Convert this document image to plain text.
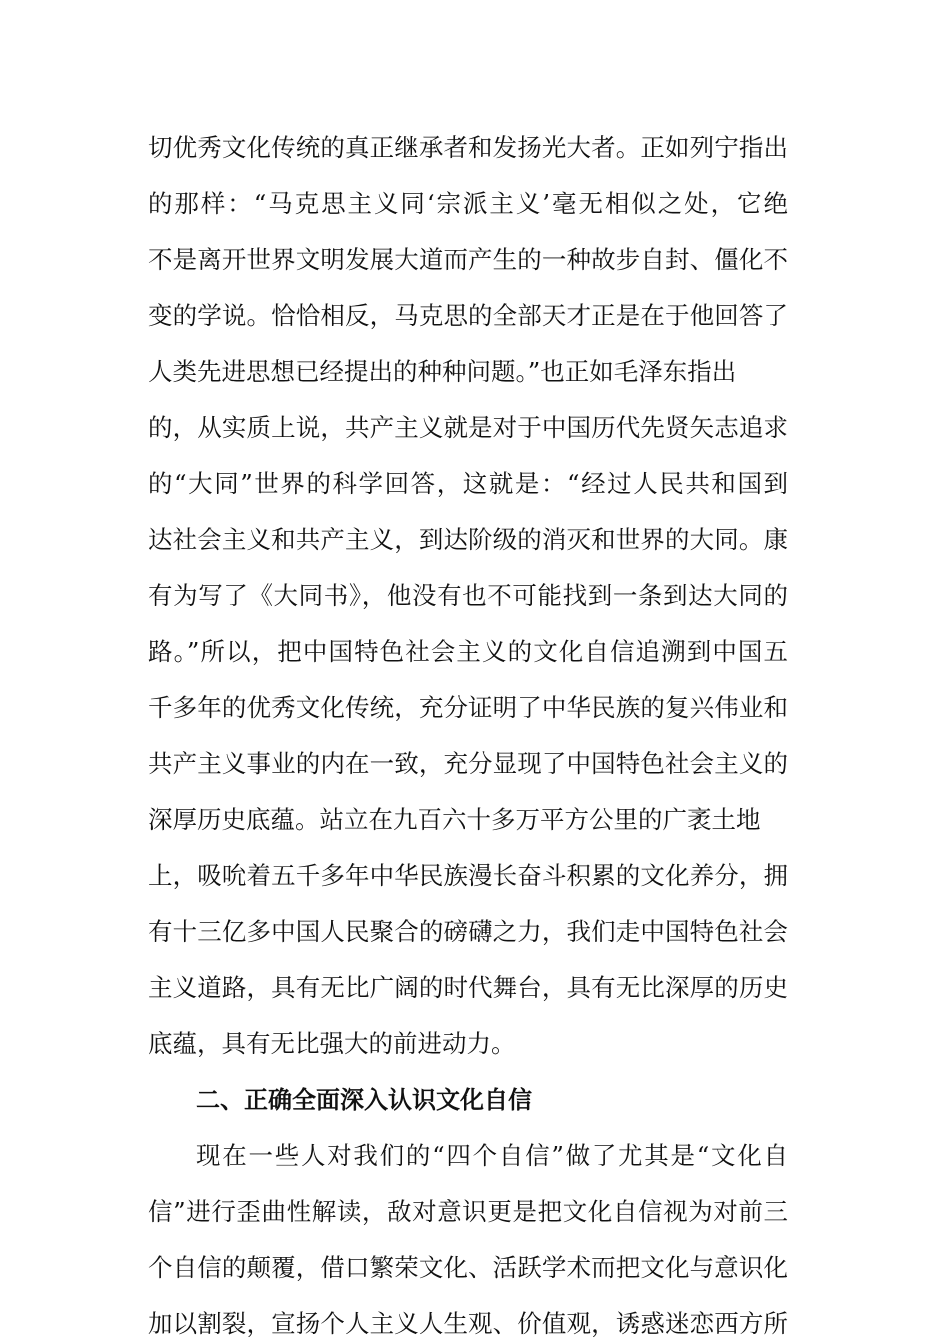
切优秀文化传统的真正继承者和发扬光大者。正如列宁指出
的那样：“马克思主义同‘宗派主义’毫无相似之处，它绝
不是离开世界文明发展大道而产生的一种故步自封、僵化不
变的学说。恰恰相反，马克思的全部天才正是在于他回答了
人类先进思想已经提出的种种问题。”也正如毛泽东指出
的，从实质上说，共产主义就是对于中国历代先贤矢志追求
的“大同”世界的科学回答，这就是：“经过人民共和国到
达社会主义和共产主义，到达阶级的消灭和世界的大同。康
有为写了《大同书》，他没有也不可能找到一条到达大同的
路。”所以，把中国特色社会主义的文化自信追溯到中国五
千多年的优秀文化传统，充分证明了中华民族的复兴伟业和
共产主义事业的内在一致，充分显现了中国特色社会主义的
深厚历史底蕴。站立在九百六十多万平方公里的广袤土地
上，吸吮着五千多年中华民族漫长奋斗积累的文化养分，拥
有十三亿多中国人民聚合的磅礴之力，我们走中国特色社会
主义道路，具有无比广阔的时代舞台，具有无比深厚的历史
底蕴，具有无比强大的前进动力。
二、正确全面深入认识文化自信
现在一些人对我们的“四个自信”做了尤其是“文化自
信”进行歪曲性解读，敌对意识更是把文化自信视为对前三
个自信的颠覆，借口繁荣文化、活跃学术而把文化与意识化
加以割裂，宣扬个人主义人生观、价值观，诱惑迷恋西方所
